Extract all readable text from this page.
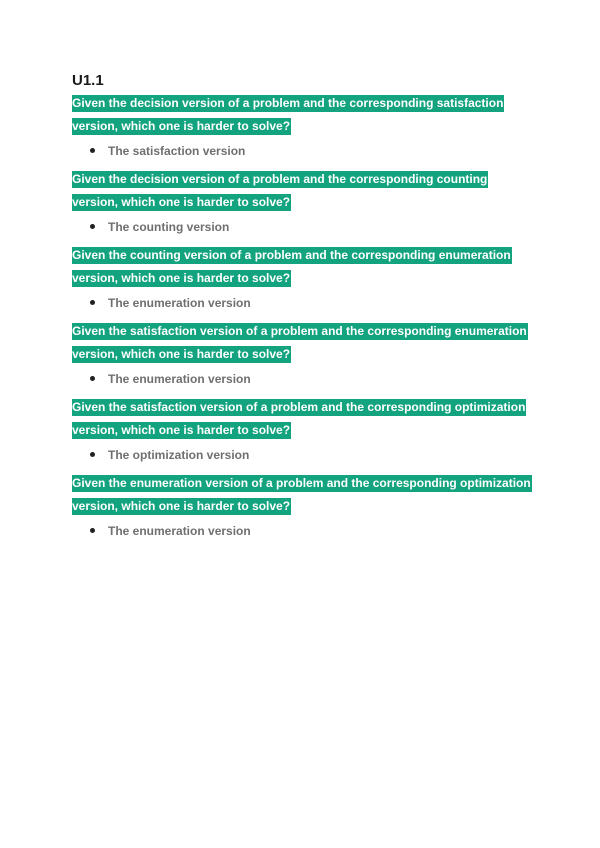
U1.1

Given the decision version of a problem and the corresponding satisfaction version, which one is harder to solve?

The satisfaction version

Given the decision version of a problem and the corresponding counting version, which one is harder to solve?

The counting version

Given the counting version of a problem and the corresponding enumeration version, which one is harder to solve?

The enumeration version

Given the satisfaction version of a problem and the corresponding enumeration version, which one is harder to solve?

The enumeration version

Given the satisfaction version of a problem and the corresponding optimization version, which one is harder to solve?

The optimization version

Given the enumeration version of a problem and the corresponding optimization version, which one is harder to solve?

The enumeration version
